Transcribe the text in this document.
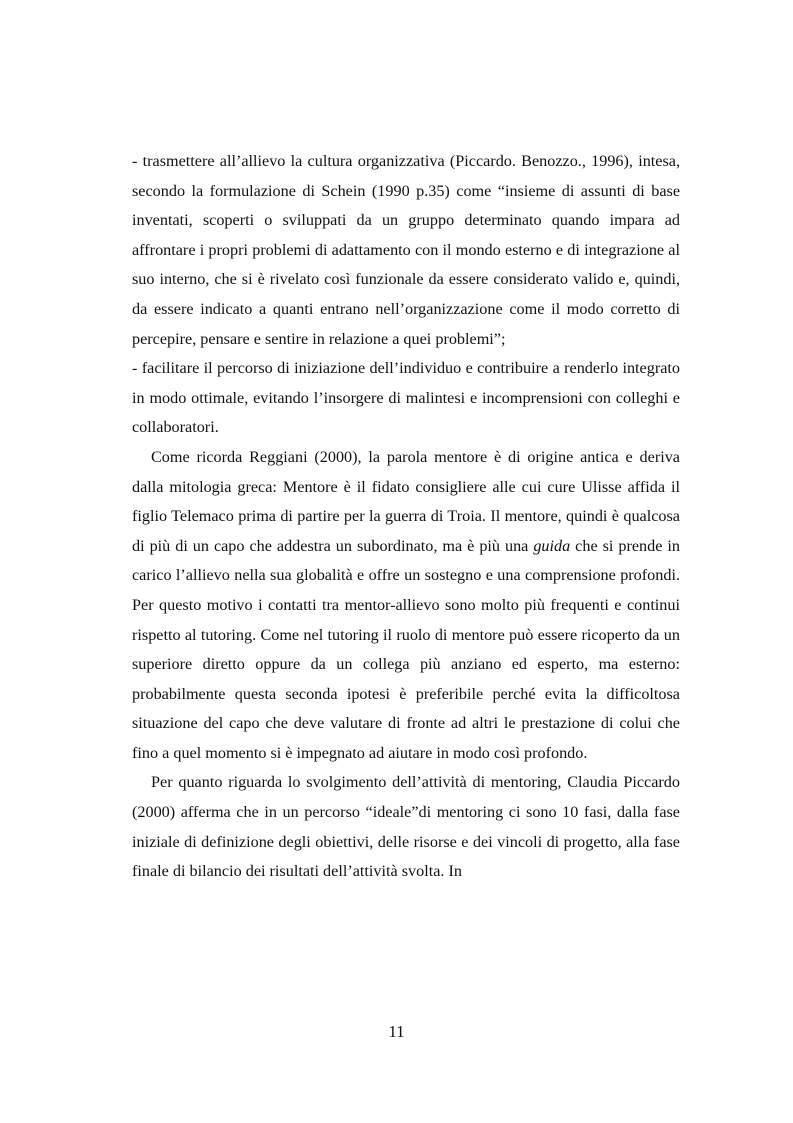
- trasmettere all’allievo la cultura organizzativa (Piccardo. Benozzo., 1996), intesa, secondo la formulazione di Schein (1990 p.35) come “insieme di assunti di base inventati, scoperti o sviluppati da un gruppo determinato quando impara ad affrontare i propri problemi di adattamento con il mondo esterno e di integrazione al suo interno, che si è rivelato così funzionale da essere considerato valido e, quindi, da essere indicato a quanti entrano nell’organizzazione come il modo corretto di percepire, pensare e sentire in relazione a quei problemi”;

- facilitare il percorso di iniziazione dell’individuo e contribuire a renderlo integrato in modo ottimale, evitando l’insorgere di malintesi e incomprensioni con colleghi e collaboratori.

Come ricorda Reggiani (2000), la parola mentore è di origine antica e deriva dalla mitologia greca: Mentore è il fidato consigliere alle cui cure Ulisse affida il figlio Telemaco prima di partire per la guerra di Troia. Il mentore, quindi è qualcosa di più di un capo che addestra un subordinato, ma è più una guida che si prende in carico l’allievo nella sua globalità e offre un sostegno e una comprensione profondi. Per questo motivo i contatti tra mentor-allievo sono molto più frequenti e continui rispetto al tutoring. Come nel tutoring il ruolo di mentore può essere ricoperto da un superiore diretto oppure da un collega più anziano ed esperto, ma esterno: probabilmente questa seconda ipotesi è preferibile perché evita la difficoltosa situazione del capo che deve valutare di fronte ad altri le prestazione di colui che fino a quel momento si è impegnato ad aiutare in modo così profondo.

Per quanto riguarda lo svolgimento dell’attività di mentoring, Claudia Piccardo (2000) afferma che in un percorso “ideale”di mentoring ci sono 10 fasi, dalla fase iniziale di definizione degli obiettivi, delle risorse e dei vincoli di progetto, alla fase finale di bilancio dei risultati dell’attività svolta. In

11
